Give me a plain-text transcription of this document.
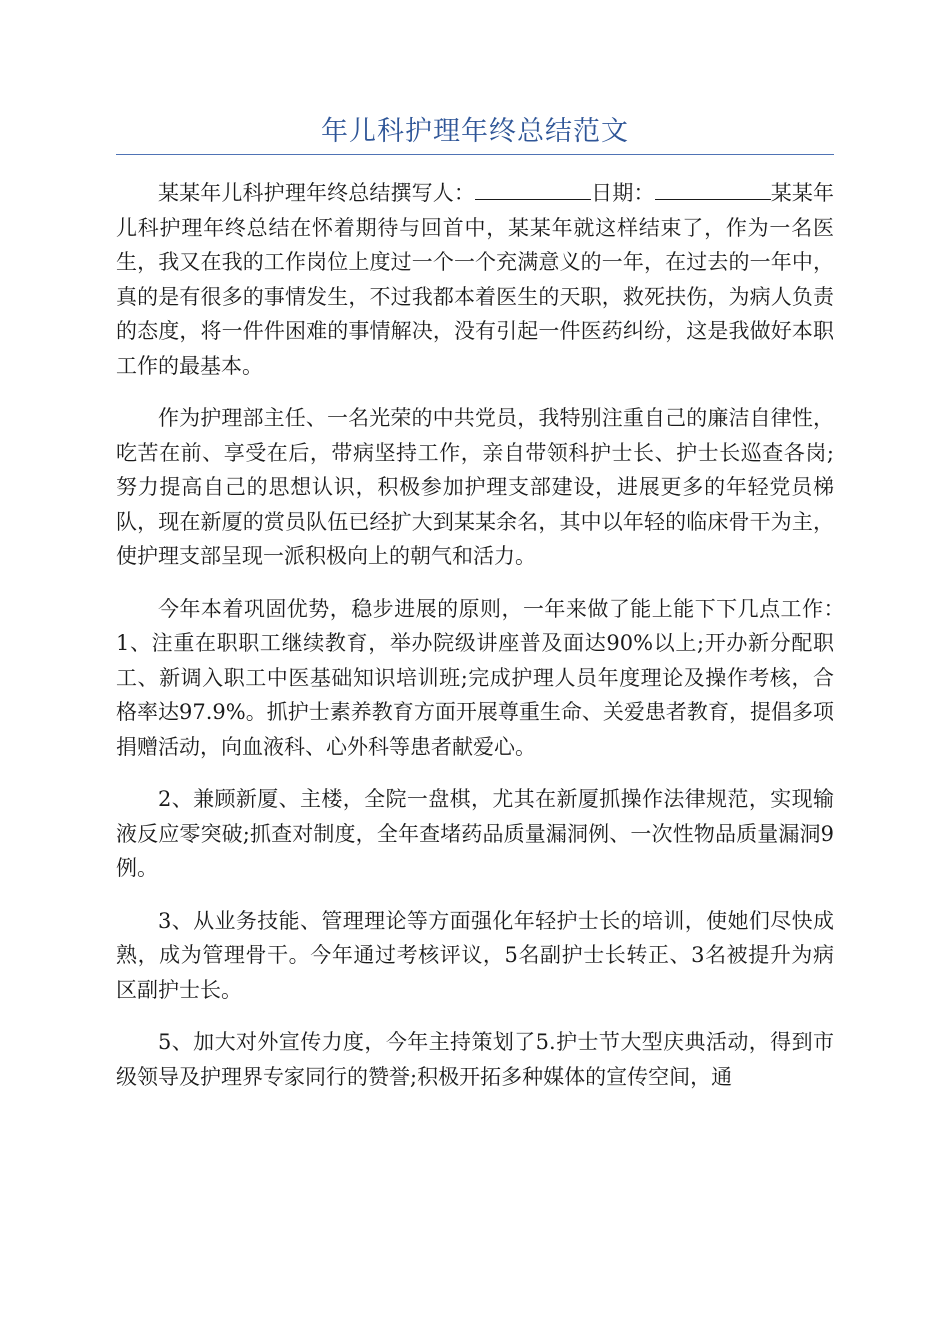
年儿科护理年终总结范文

某某年儿科护理年终总结撰写人：	日期：	某某年儿科护理年终总结在怀着期待与回首中，某某年就这样结束了，作为一名医生，我又在我的工作岗位上度过一个一个充满意义的一年，在过去的一年中，真的是有很多的事情发生，不过我都本着医生的天职，救死扶伤，为病人负责的态度，将一件件困难的事情解决，没有引起一件医药纠纷，这是我做好本职工作的最基本。

作为护理部主任、一名光荣的中共党员，我特别注重自己的廉洁自律性，吃苦在前、享受在后，带病坚持工作，亲自带领科护士长、护士长巡查各岗;努力提高自己的思想认识，积极参加护理支部建设，进展更多的年轻党员梯队，现在新厦的赏员队伍已经扩大到某某余名，其中以年轻的临床骨干为主，使护理支部呈现一派积极向上的朝气和活力。

今年本着巩固优势，稳步进展的原则，一年来做了能上能下下几点工作：　1、注重在职职工继续教育，举办院级讲座普及面达90%以上;开办新分配职工、新调入职工中医基础知识培训班;完成护理人员年度理论及操作考核，合格率达97.9%。抓护士素养教育方面开展尊重生命、关爱患者教育，提倡多项捐赠活动，向血液科、心外科等患者献爱心。

2、兼顾新厦、主楼，全院一盘棋，尤其在新厦抓操作法律规范，实现输液反应零突破;抓查对制度，全年查堵药品质量漏洞例、一次性物品质量漏洞9例。

3、从业务技能、管理理论等方面强化年轻护士长的培训，使她们尽快成熟，成为管理骨干。今年通过考核评议，5名副护士长转正、3名被提升为病区副护士长。

5、加大对外宣传力度，今年主持策划了5.护士节大型庆典活动，得到市级领导及护理界专家同行的赞誉;积极开拓多种媒体的宣传空间，通
